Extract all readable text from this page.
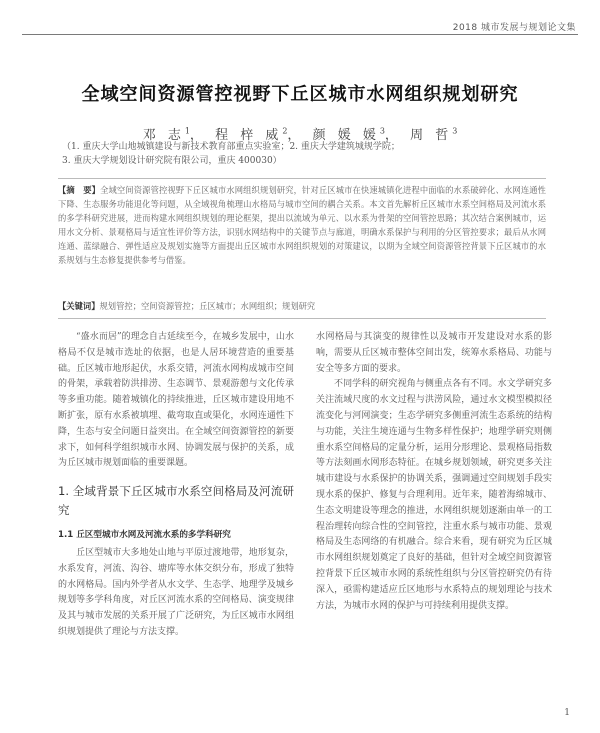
2018 城市发展与规划论文集
全域空间资源管控视野下丘区城市水网组织规划研究
邓 志$^1$， 程 梓 威$^2$， 颜 媛 媛$^3$， 周 哲$^3$
（1. 重庆大学山地城镇建设与新技术教育部重点实验室；2. 重庆大学建筑城规学院；
3. 重庆大学规划设计研究院有限公司，重庆 400030）
【摘　要】全域空间资源管控视野下丘区城市水网组织规划研究，针对丘区城市在快速城镇化进程中面临的水系破碎化、水网连通性下降、生态服务功能退化等问题，从全域视角梳理山水格局与城市空间的耦合关系。本文首先解析丘区城市水系空间格局及河流水系的多学科研究进展，进而构建水网组织规划的理论框架，提出以流域为单元、以水系为骨架的空间管控思路；其次结合案例城市，运用水文分析、景观格局与适宜性评价等方法，识别水网结构中的关键节点与廊道，明确水系保护与利用的分区管控要求；最后从水网连通、蓝绿融合、弹性适应及规划实施等方面提出丘区城市水网组织规划的对策建议，以期为全域空间资源管控背景下丘区城市的水系规划与生态修复提供参考与借鉴。
【关键词】规划管控；空间资源管控；丘区城市；水网组织；规划研究

“盛水而居”的理念自古延续至今，在城乡发展中，山水格局不仅是城市选址的依据，也是人居环境营造的重要基础。丘区城市地形起伏，水系交错，河流水网构成城市空间的骨架，承载着防洪排涝、生态调节、景观游憩与文化传承等多重功能。随着城镇化的持续推进，丘区城市建设用地不断扩张，原有水系被填埋、截弯取直或渠化，水网连通性下降，生态与安全问题日益突出。在全域空间资源管控的新要求下，如何科学组织城市水网、协调发展与保护的关系，成为丘区城市规划面临的重要课题。

1. 全域背景下丘区城市水系空间格局及河流研究
1.1 丘区型城市水网及河流水系的多学科研究

丘区型城市大多地处山地与平原过渡地带，地形复杂，水系发育，河流、沟谷、塘库等水体交织分布，形成了独特的水网格局。国内外学者从水文学、生态学、地理学及城乡规划等多学科角度，对丘区河流水系的空间格局、演变规律及其与城市发展的关系开展了广泛研究，为丘区城市水网组织规划提供了理论与方法支撑。

水网格局与其演变的规律性以及城市开发建设对水系的影响，需要从丘区城市整体空间出发，统筹水系格局、功能与安全等多方面的要求。

不同学科的研究视角与侧重点各有不同。水文学研究多关注流域尺度的水文过程与洪涝风险，通过水文模型模拟径流变化与河网演变；生态学研究多侧重河流生态系统的结构与功能，关注生境连通与生物多样性保护；地理学研究则侧重水系空间格局的定量分析，运用分形理论、景观格局指数等方法刻画水网形态特征。在城乡规划领域，研究更多关注城市建设与水系保护的协调关系，强调通过空间规划手段实现水系的保护、修复与合理利用。近年来，随着海绵城市、生态文明建设等理念的推进，水网组织规划逐渐由单一的工程治理转向综合性的空间管控，注重水系与城市功能、景观格局及生态网络的有机融合。综合来看，现有研究为丘区城市水网组织规划奠定了良好的基础，但针对全域空间资源管控背景下丘区城市水网的系统性组织与分区管控研究仍有待深入，亟需构建适应丘区地形与水系特点的规划理论与技术方法，为城市水网的保护与可持续利用提供支撑。

1
